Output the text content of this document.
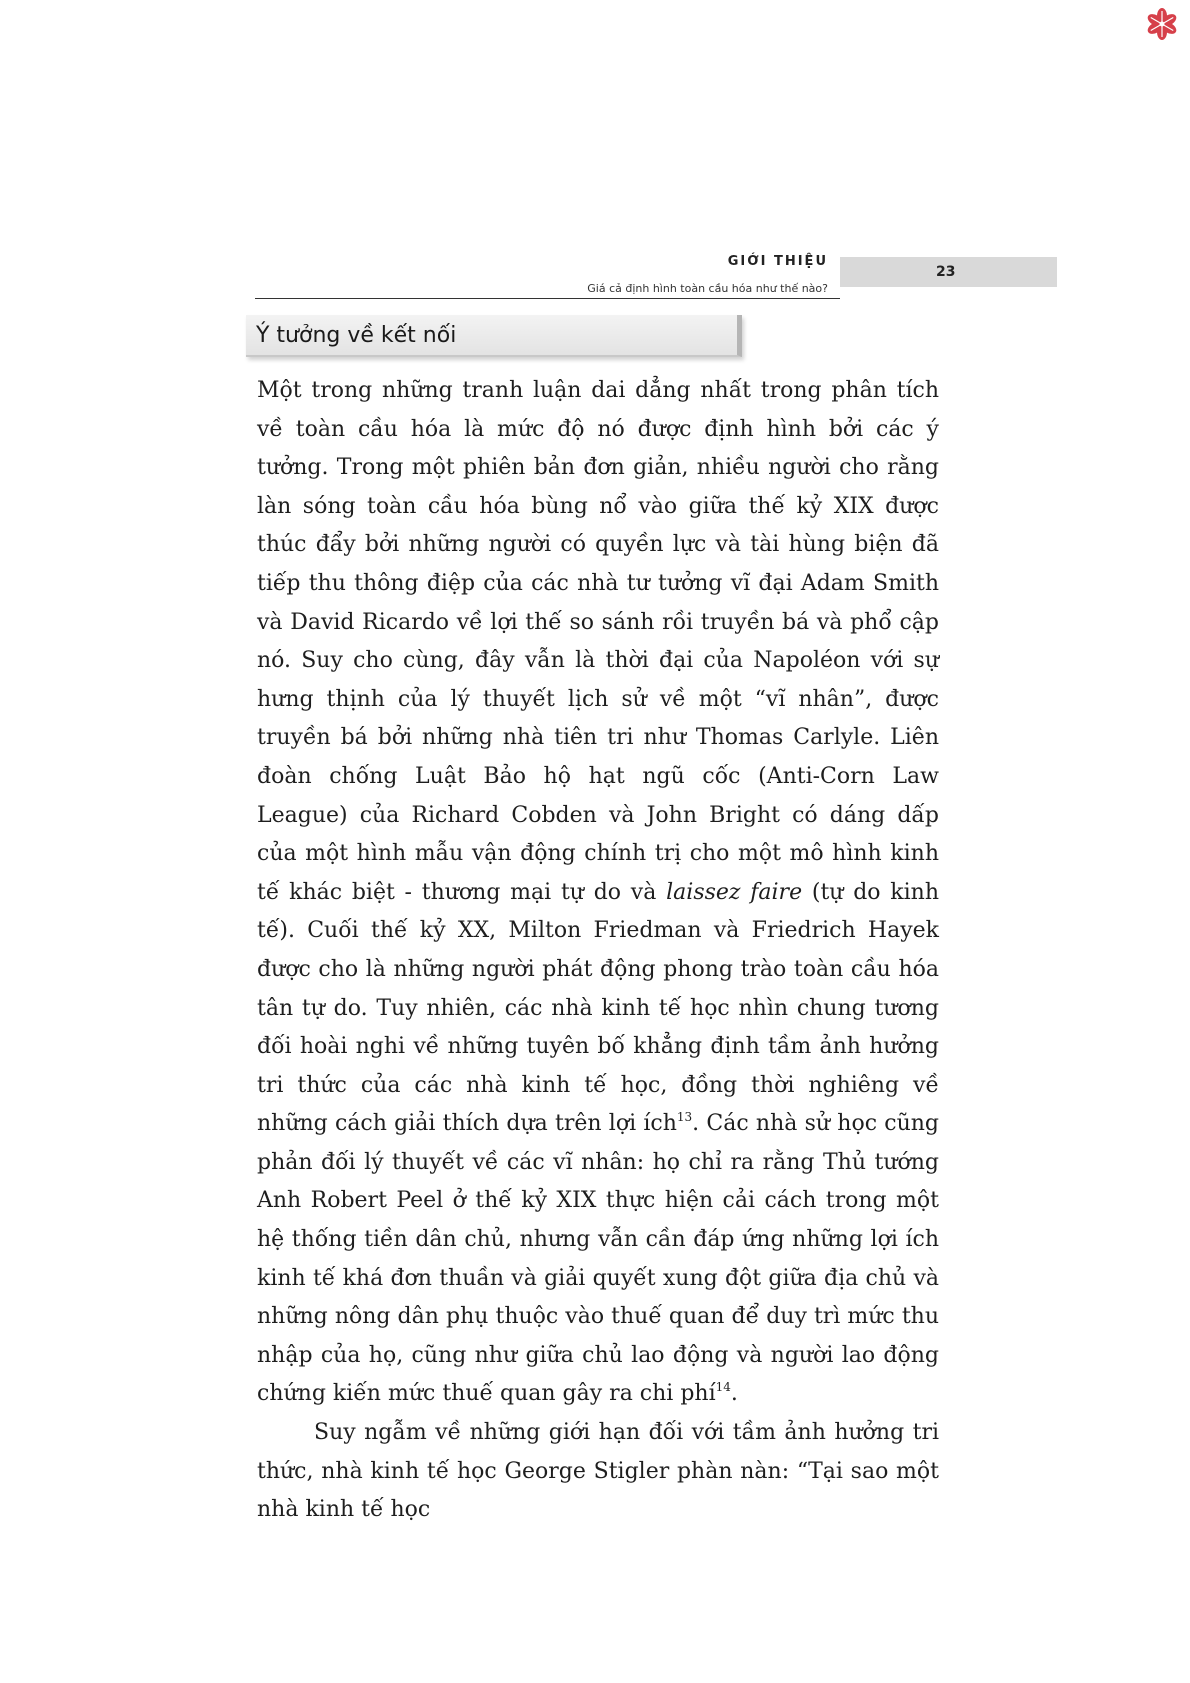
GIỚI THIỆU
Giá cả định hình toàn cầu hóa như thế nào?
23
Ý tưởng về kết nối

Một trong những tranh luận dai dẳng nhất trong phân tích về toàn cầu hóa là mức độ nó được định hình bởi các ý tưởng. Trong một phiên bản đơn giản, nhiều người cho rằng làn sóng toàn cầu hóa bùng nổ vào giữa thế kỷ XIX được thúc đẩy bởi những người có quyền lực và tài hùng biện đã tiếp thu thông điệp của các nhà tư tưởng vĩ đại Adam Smith và David Ricardo về lợi thế so sánh rồi truyền bá và phổ cập nó. Suy cho cùng, đây vẫn là thời đại của Napoléon với sự hưng thịnh của lý thuyết lịch sử về một “vĩ nhân”, được truyền bá bởi những nhà tiên tri như Thomas Carlyle. Liên đoàn chống Luật Bảo hộ hạt ngũ cốc (Anti-Corn Law League) của Richard Cobden và John Bright có dáng dấp của một hình mẫu vận động chính trị cho một mô hình kinh tế khác biệt - thương mại tự do và laissez faire (tự do kinh tế). Cuối thế kỷ XX, Milton Friedman và Friedrich Hayek được cho là những người phát động phong trào toàn cầu hóa tân tự do. Tuy nhiên, các nhà kinh tế học nhìn chung tương đối hoài nghi về những tuyên bố khẳng định tầm ảnh hưởng tri thức của các nhà kinh tế học, đồng thời nghiêng về những cách giải thích dựa trên lợi ích$^{13}$. Các nhà sử học cũng phản đối lý thuyết về các vĩ nhân: họ chỉ ra rằng Thủ tướng Anh Robert Peel ở thế kỷ XIX thực hiện cải cách trong một hệ thống tiền dân chủ, nhưng vẫn cần đáp ứng những lợi ích kinh tế khá đơn thuần và giải quyết xung đột giữa địa chủ và những nông dân phụ thuộc vào thuế quan để duy trì mức thu nhập của họ, cũng như giữa chủ lao động và người lao động chứng kiến mức thuế quan gây ra chi phí$^{14}$.

Suy ngẫm về những giới hạn đối với tầm ảnh hưởng tri thức, nhà kinh tế học George Stigler phàn nàn: “Tại sao một nhà kinh tế học
